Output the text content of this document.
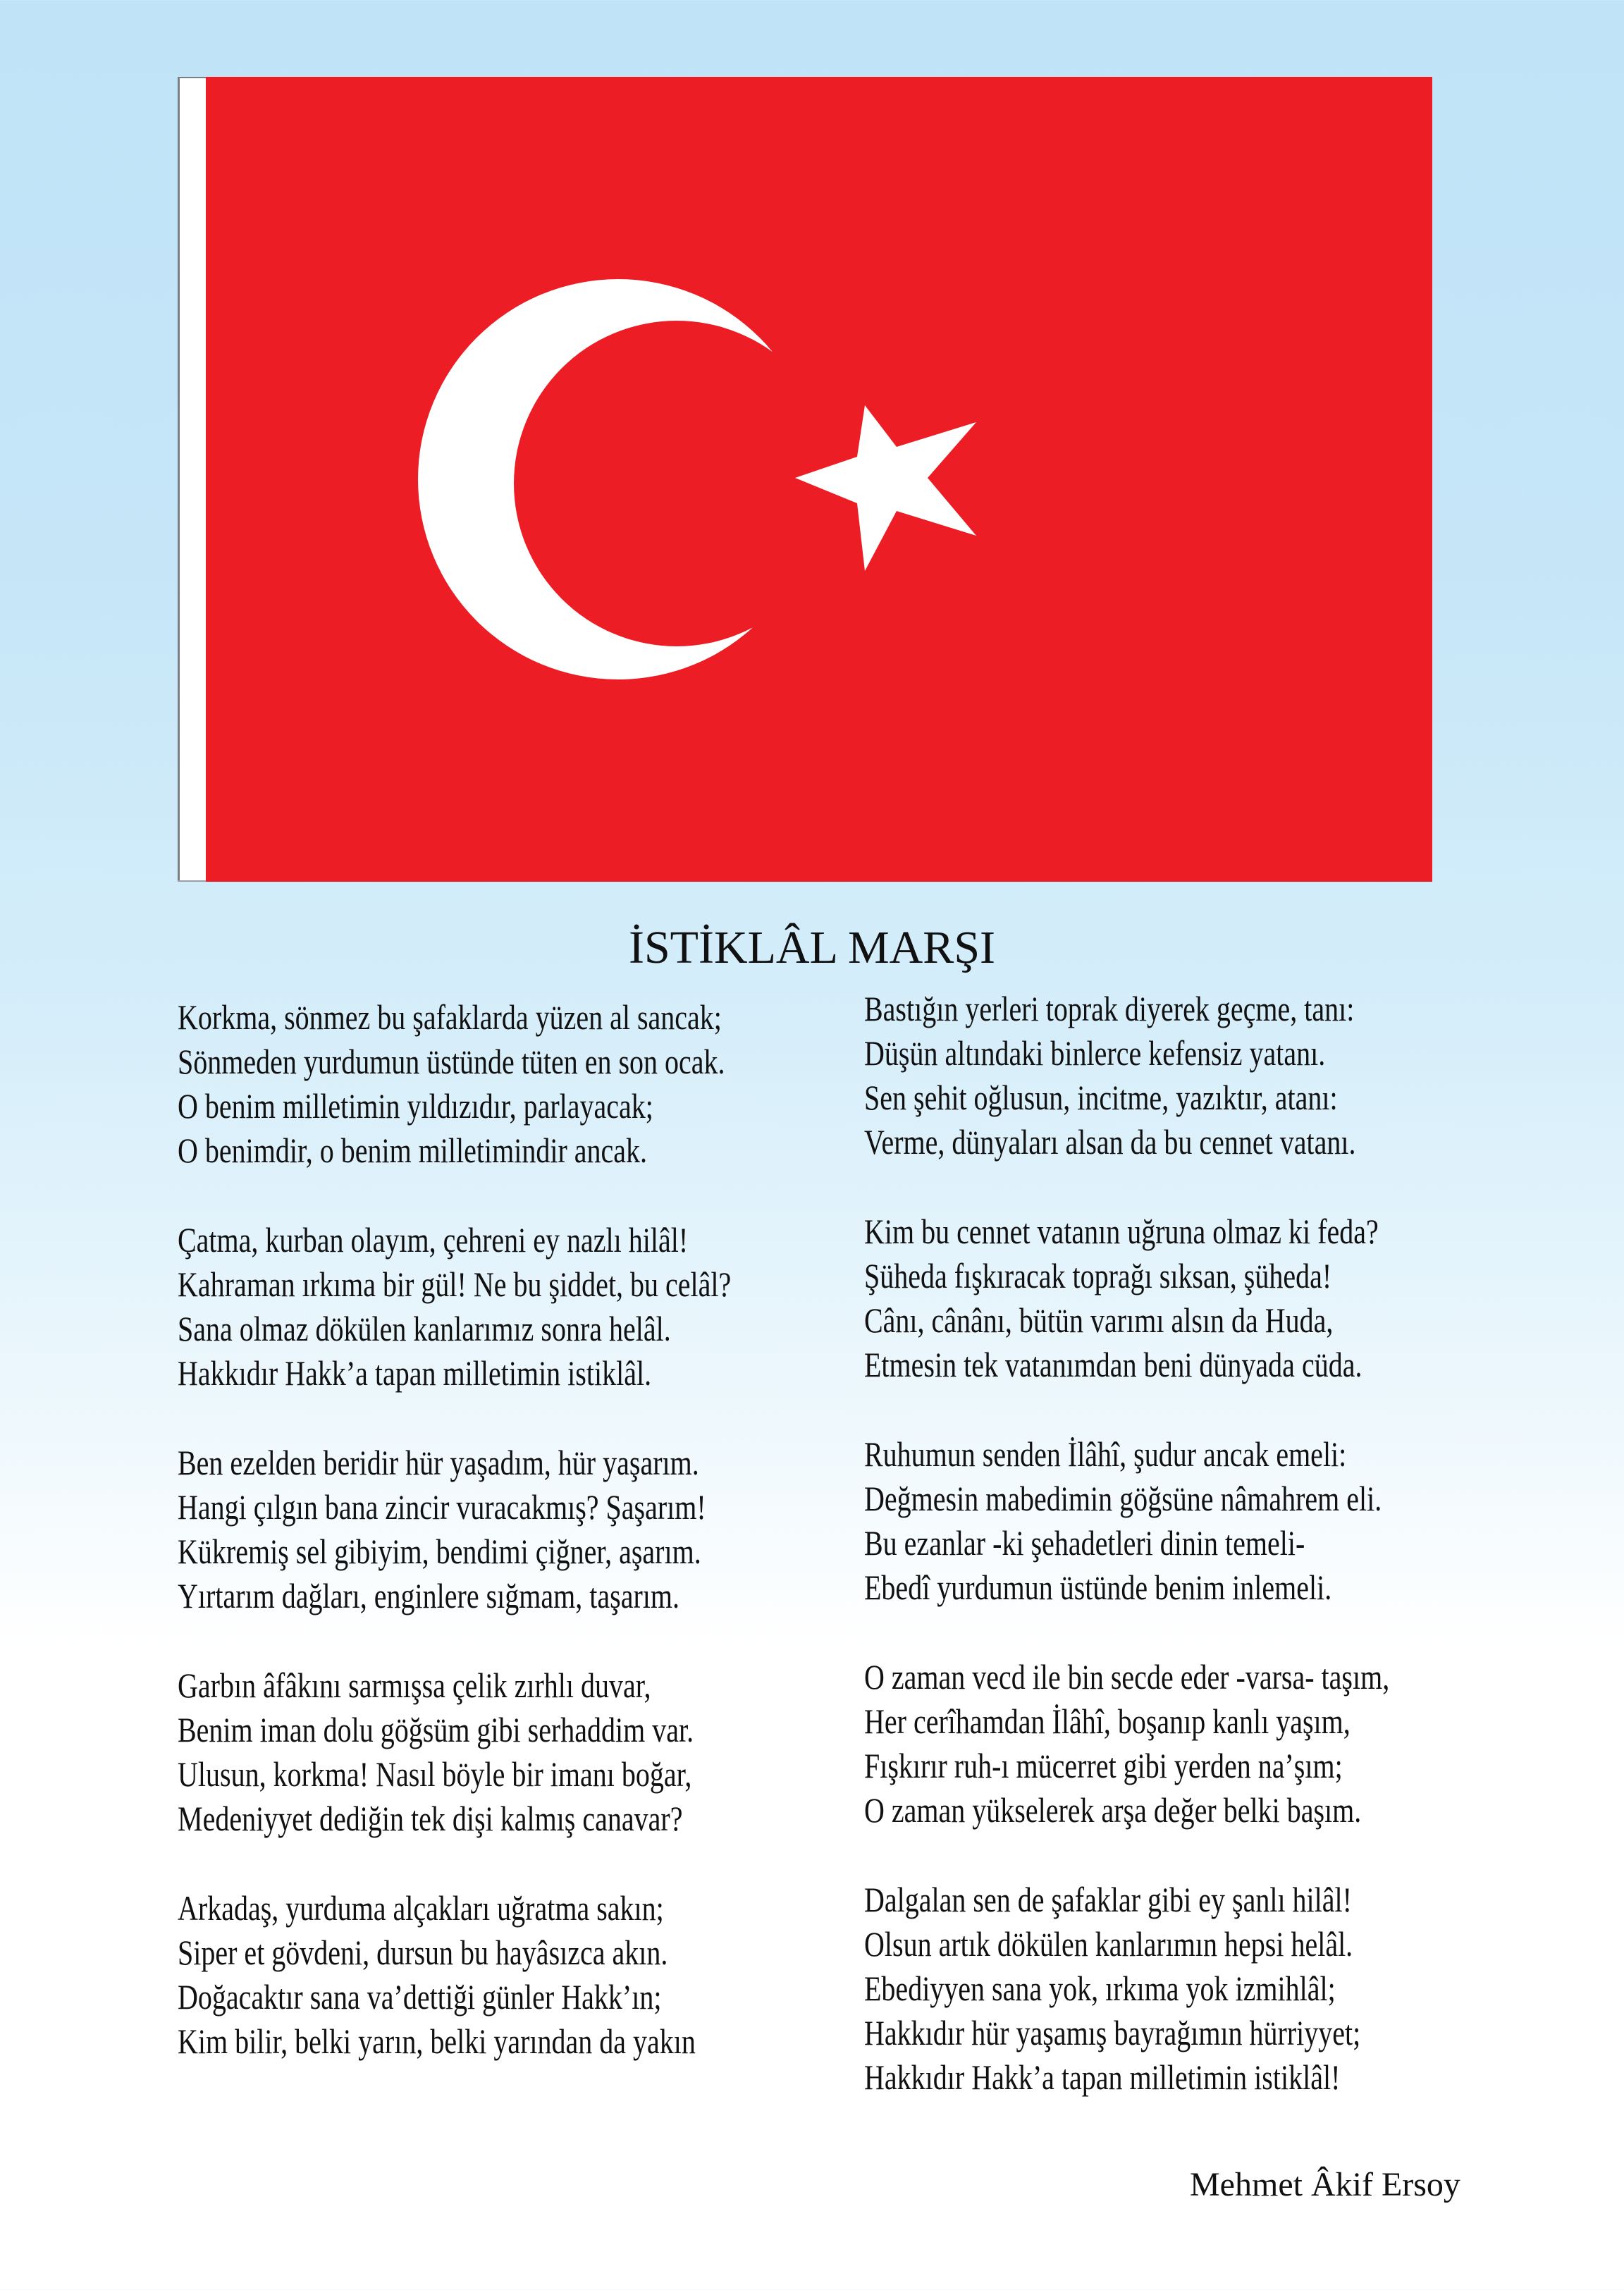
İSTİKLÂL MARŞI
Korkma, sönmez bu şafaklarda yüzen al sancak;
Sönmeden yurdumun üstünde tüten en son ocak.
O benim milletimin yıldızıdır, parlayacak;
O benimdir, o benim milletimindir ancak.
Çatma, kurban olayım, çehreni ey nazlı hilâl!
Kahraman ırkıma bir gül! Ne bu şiddet, bu celâl?
Sana olmaz dökülen kanlarımız sonra helâl.
Hakkıdır Hakk’a tapan milletimin istiklâl.
Ben ezelden beridir hür yaşadım, hür yaşarım.
Hangi çılgın bana zincir vuracakmış? Şaşarım!
Kükremiş sel gibiyim, bendimi çiğner, aşarım.
Yırtarım dağları, enginlere sığmam, taşarım.
Garbın âfâkını sarmışsa çelik zırhlı duvar,
Benim iman dolu göğsüm gibi serhaddim var.
Ulusun, korkma! Nasıl böyle bir imanı boğar,
Medeniyyet dediğin tek dişi kalmış canavar?
Arkadaş, yurduma alçakları uğratma sakın;
Siper et gövdeni, dursun bu hayâsızca akın.
Doğacaktır sana va’dettiği günler Hakk’ın;
Kim bilir, belki yarın, belki yarından da yakın
Bastığın yerleri toprak diyerek geçme, tanı:
Düşün altındaki binlerce kefensiz yatanı.
Sen şehit oğlusun, incitme, yazıktır, atanı:
Verme, dünyaları alsan da bu cennet vatanı.
Kim bu cennet vatanın uğruna olmaz ki feda?
Şüheda fışkıracak toprağı sıksan, şüheda!
Cânı, cânânı, bütün varımı alsın da Huda,
Etmesin tek vatanımdan beni dünyada cüda.
Ruhumun senden İlâhî, şudur ancak emeli:
Değmesin mabedimin göğsüne nâmahrem eli.
Bu ezanlar -ki şehadetleri dinin temeli-
Ebedî yurdumun üstünde benim inlemeli.
O zaman vecd ile bin secde eder -varsa- taşım,
Her cerîhamdan İlâhî, boşanıp kanlı yaşım,
Fışkırır ruh-ı mücerret gibi yerden na’şım;
O zaman yükselerek arşa değer belki başım.
Dalgalan sen de şafaklar gibi ey şanlı hilâl!
Olsun artık dökülen kanlarımın hepsi helâl.
Ebediyyen sana yok, ırkıma yok izmihlâl;
Hakkıdır hür yaşamış bayrağımın hürriyyet;
Hakkıdır Hakk’a tapan milletimin istiklâl!
Mehmet Âkif Ersoy
